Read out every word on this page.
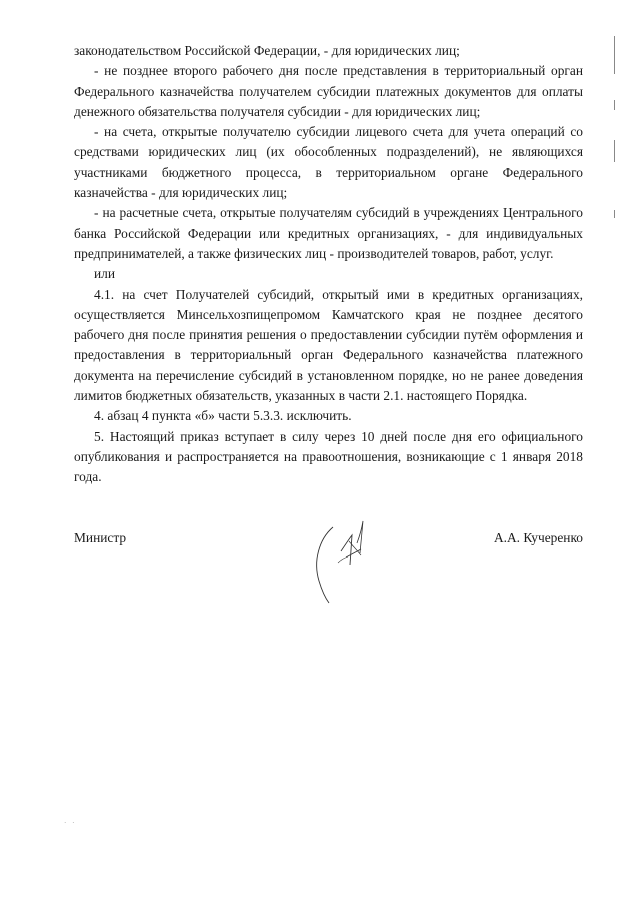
законодательством Российской Федерации, - для юридических лиц;

- не позднее второго рабочего дня после представления в территориальный орган Федерального казначейства получателем субсидии платежных документов для оплаты денежного обязательства получателя субсидии - для юридических лиц;

- на счета, открытые получателю субсидии лицевого счета для учета операций со средствами юридических лиц (их обособленных подразделений), не являющихся участниками бюджетного процесса, в территориальном органе Федерального казначейства - для юридических лиц;

- на расчетные счета, открытые получателям субсидий в учреждениях Центрального банка Российской Федерации или кредитных организациях, - для индивидуальных предпринимателей, а также физических лиц - производителей товаров, работ, услуг.

или

4.1. на счет Получателей субсидий, открытый ими в кредитных организациях, осуществляется Минсельхозпищепромом Камчатского края не позднее десятого рабочего дня после принятия решения о предоставлении субсидии путём оформления и предоставления в территориальный орган Федерального казначейства платежного документа на перечисление субсидий в установленном порядке, но не ранее доведения лимитов бюджетных обязательств, указанных в части 2.1. настоящего Порядка.

4. абзац 4 пункта «б» части 5.3.3. исключить.

5. Настоящий приказ вступает в силу через 10 дней после дня его официального опубликования и распространяется на правоотношения, возникающие с 1 января 2018 года.

Министр	А.А. Кучеренко
· ·
